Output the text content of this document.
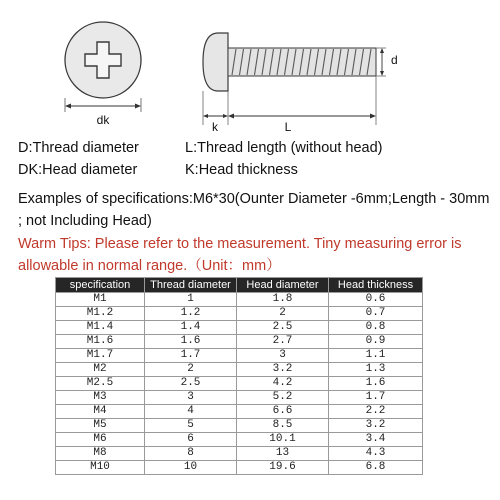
dk
d
k	L
D:Thread diameter
DK:Head diameter
L:Thread length (without head)
K:Head thickness
Examples of specifications:M6*30(Ounter Diameter -6mm;Length - 30mm ; not Including Head)
Warm Tips: Please refer to the measurement. Tiny measuring error is allowable in normal range.（Unit：mm）
specification	Thread diameter	Head diameter	Head thickness
M1	1	1.8	0.6
M1.2	1.2	2	0.7
M1.4	1.4	2.5	0.8
M1.6	1.6	2.7	0.9
M1.7	1.7	3	1.1
M2	2	3.2	1.3
M2.5	2.5	4.2	1.6
M3	3	5.2	1.7
M4	4	6.6	2.2
M5	5	8.5	3.2
M6	6	10.1	3.4
M8	8	13	4.3
M10	10	19.6	6.8
